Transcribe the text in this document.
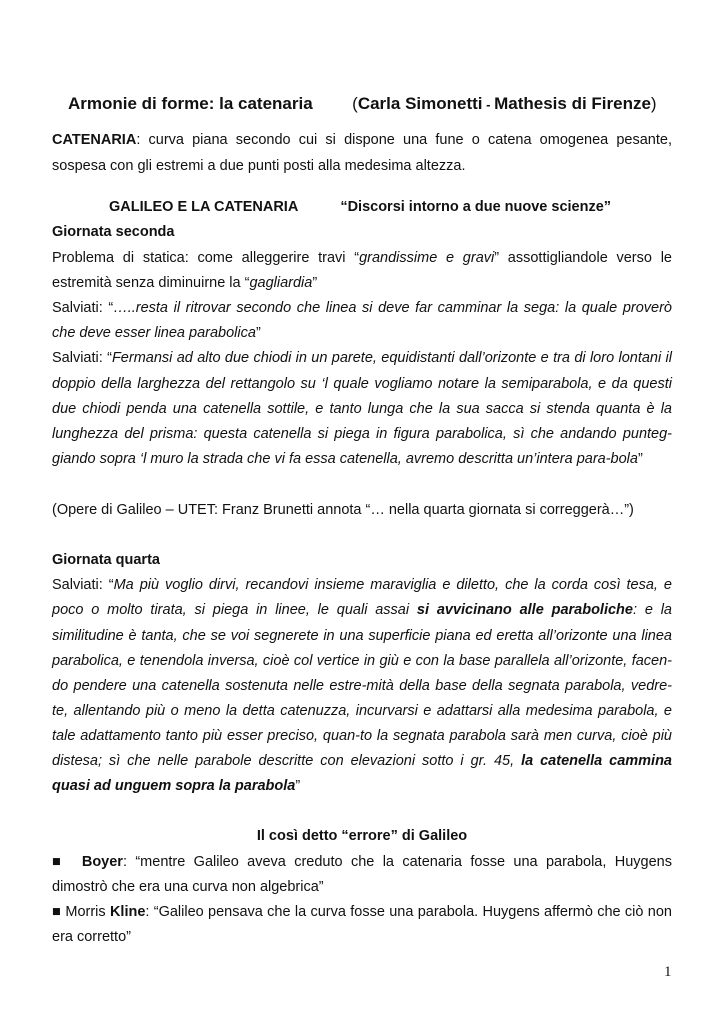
Armonie di forme: la catenaria (Carla Simonetti - Mathesis di Firenze)
CATENARIA: curva piana secondo cui si dispone una fune o catena omogenea pesante,
sospesa con gli estremi a due punti posti alla medesima altezza.
GALILEO E LA CATENARIA	“Discorsi intorno a due nuove scienze”
Giornata seconda
Problema di statica: come alleggerire travi “grandissime e gravi” assottigliandole verso le
estremità senza diminuirne la “gagliardia”
Salviati: “…..resta il ritrovar secondo che linea si deve far camminar la sega: la quale proverò
che deve esser linea parabolica”
Salviati: “Fermansi ad alto due chiodi in un parete, equidistanti dall’orizonte e tra di loro lontani il
doppio della larghezza del rettangolo su ‘l quale vogliamo notare la semiparabola, e da questi
due chiodi penda una catenella sottile, e tanto lunga che la sua sacca si stenda quanta è la
lunghezza del prisma: questa catenella si piega in figura parabolica, sì che andando punteg-
giando sopra ‘l muro la strada che vi fa essa catenella, avremo descritta un’intera para-bola”
(Opere di Galileo – UTET: Franz Brunetti annota “… nella quarta giornata si correggerà…”)
Giornata quarta
Salviati: “Ma più voglio dirvi, recandovi insieme maraviglia e diletto, che la corda così tesa, e
poco o molto tirata, si piega in linee, le quali assai si avvicinano alle paraboliche: e la
similitudine è tanta, che se voi segnerete in una superficie piana ed eretta all’orizonte una linea
parabolica, e tenendola inversa, cioè col vertice in giù e con la base parallela all’orizonte, facen-
do pendere una catenella sostenuta nelle estre-mità della base della segnata parabola, vedre-
te, allentando più o meno la detta catenuzza, incurvarsi e adattarsi alla medesima parabola, e
tale adattamento tanto più esser preciso, quan-to la segnata parabola sarà men curva, cioè più
distesa; sì che nelle parabole descritte con elevazioni sotto i gr. 45, la catenella cammina
quasi ad unguem sopra la parabola”
Il così detto “errore” di Galileo
■ Boyer: “mentre Galileo aveva creduto che la catenaria fosse una parabola, Huygens
dimostrò che era una curva non algebrica”
■ Morris Kline: “Galileo pensava che la curva fosse una parabola. Huygens affermò che ciò non
era corretto”
1
